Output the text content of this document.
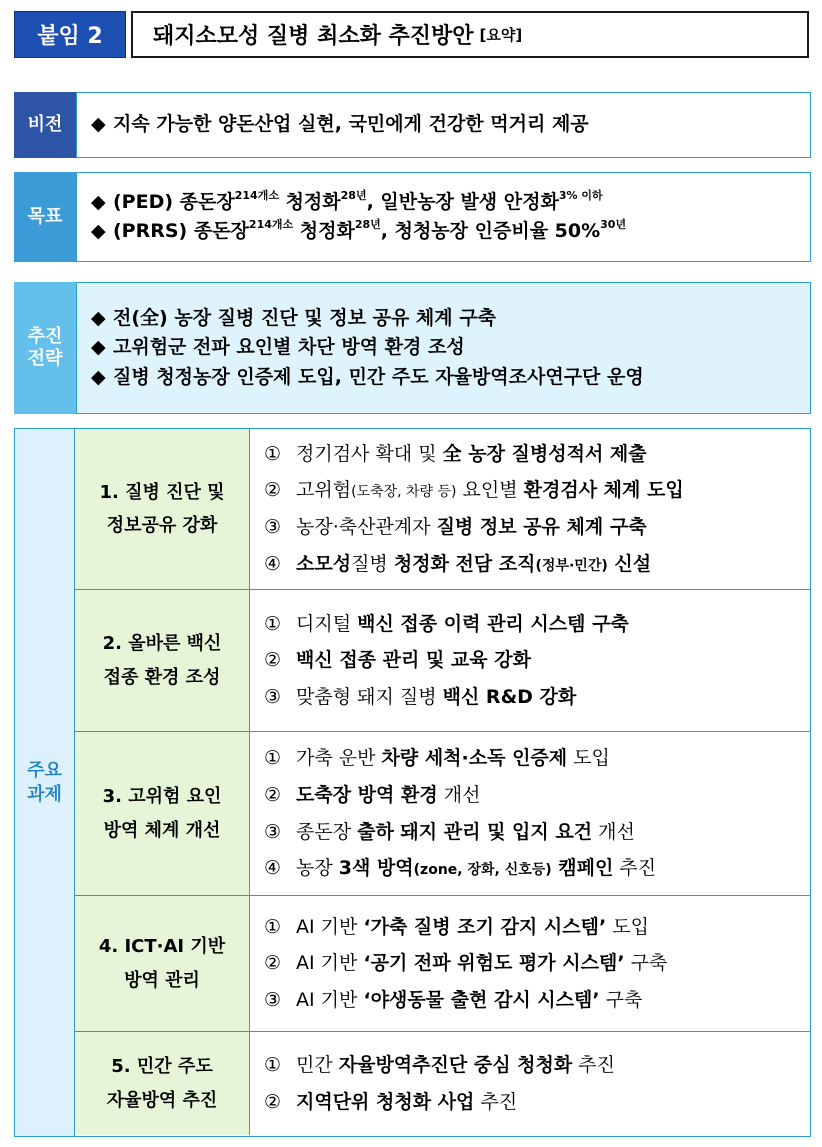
붙임 2	돼지소모성 질병 최소화 추진방안 [요약]
비전	◆ 지속 가능한 양돈산업 실현, 국민에게 건강한 먹거리 제공
목표
◆ (PED) 종돈장$^{214개소}$ 청정화$^{28년}$, 일반농장 발생 안정화$^{3\% 이하}$
◆ (PRRS) 종돈장$^{214개소}$ 청정화$^{28년}$, 청청농장 인증비율 50%$^{30년}$
추진
전략
◆ 전(全) 농장 질병 진단 및 정보 공유 체계 구축
◆ 고위험군 전파 요인별 차단 방역 환경 조성
◆ 질병 청정농장 인증제 도입, 민간 주도 자율방역조사연구단 운영
주요
과제
1. 질병 진단 및
정보공유 강화
① 정기검사 확대 및 全 농장 질병성적서 제출
② 고위험(도축장, 차량 등) 요인별 환경검사 체계 도입
③ 농장·축산관계자 질병 정보 공유 체계 구축
④ 소모성질병 청정화 전담 조직(정부·민간) 신설
2. 올바른 백신
접종 환경 조성
① 디지털 백신 접종 이력 관리 시스템 구축
② 백신 접종 관리 및 교육 강화
③ 맞춤형 돼지 질병 백신 R&D 강화
3. 고위험 요인
방역 체계 개선
① 가축 운반 차량 세척·소독 인증제 도입
② 도축장 방역 환경 개선
③ 종돈장 출하 돼지 관리 및 입지 요건 개선
④ 농장 3색 방역(zone, 장화, 신호등) 캠페인 추진
4. ICT·AI 기반
방역 관리
① AI 기반 ‘가축 질병 조기 감지 시스템’ 도입
② AI 기반 ‘공기 전파 위험도 평가 시스템’ 구축
③ AI 기반 ‘야생동물 출현 감시 시스템’ 구축
5. 민간 주도
자율방역 추진
① 민간 자율방역추진단 중심 청청화 추진
② 지역단위 청청화 사업 추진
